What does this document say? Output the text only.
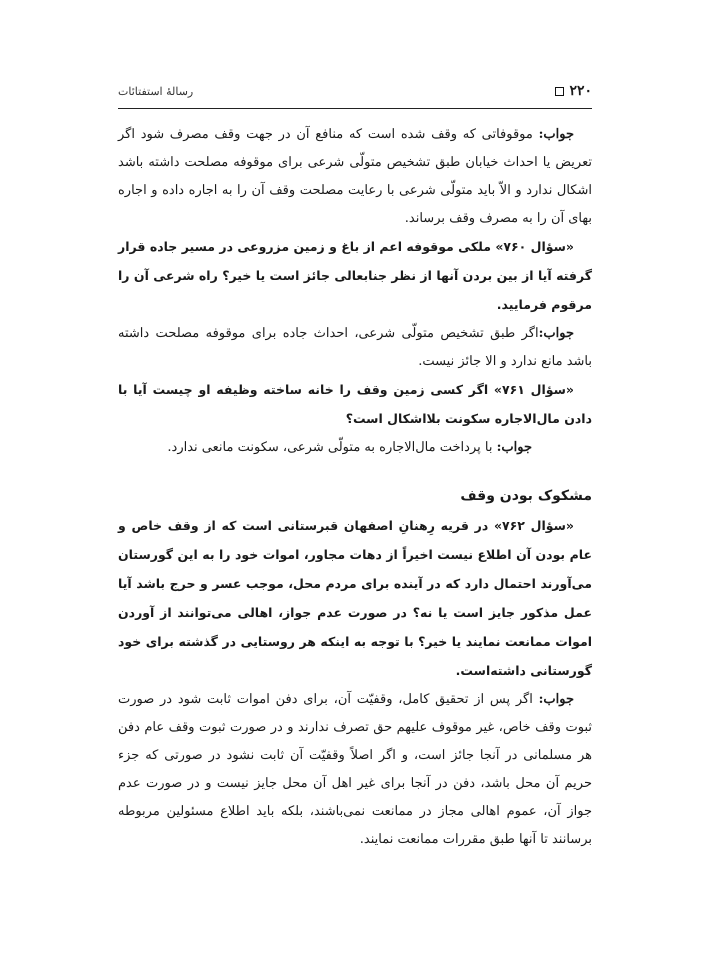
۲۲۰
رسالهٔ استفتائات

جواب: موقوفاتی که وقف شده است که منافع آن در جهت وقف مصرف شود اگر تعریض یا احداث خیابان طبق تشخیص متولّی شرعی برای موقوفه مصلحت داشته باشد اشکال ندارد و الاّ باید متولّی شرعی با رعایت مصلحت وقف آن را به اجاره داده و اجاره بهای آن را به مصرف وقف برساند.

«سؤال ۷۶۰» ملکی موقوفه اعم از باغ و زمین مزروعی در مسیر جاده قرار گرفته آیا از بین بردن آنها از نظر جنابعالی جائز است یا خیر؟ راه شرعی آن را مرقوم فرمایید.

جواب:اگر طبق تشخیص متولّی شرعی، احداث جاده برای موقوفه مصلحت داشته باشد مانع ندارد و الا جائز نیست.

«سؤال ۷۶۱» اگر کسی زمین وقف را خانه ساخته وظیفه او چیست آیا با دادن مال‌الاجاره سکونت بلااشکال است؟

جواب: با پرداخت مال‌الاجاره به متولّی شرعی، سکونت مانعی ندارد.

مشکوک بودن وقف

«سؤال ۷۶۲» در قریه رِهنانِ اصفهان قبرستانی است که از وقف خاص و عام بودن آن اطلاع نیست اخیراً از دهات مجاور، اموات خود را به این گورستان می‌آورند احتمال دارد که در آینده برای مردم محل، موجب عسر و حرج باشد آیا عمل مذکور جایز است یا نه؟ در صورت عدم جواز، اهالی می‌توانند از آوردن اموات ممانعت نمایند یا خیر؟ با توجه به اینکه هر روستایی در گذشته برای خود گورستانی داشته‌است.

جواب: اگر پس از تحقیق کامل، وقفیّت آن، برای دفن اموات ثابت شود در صورت ثبوت وقف خاص، غیر موقوف علیهم حق تصرف ندارند و در صورت ثبوت وقف عام دفن هر مسلمانی در آنجا جائز است، و اگر اصلاً وقفیّت آن ثابت نشود در صورتی که جزء حریم آن محل باشد، دفن در آنجا برای غیر اهل آن محل جایز نیست و در صورت عدم جواز آن، عموم اهالی مجاز در ممانعت نمی‌باشند، بلکه باید اطلاع مسئولین مربوطه برسانند تا آنها طبق مقررات ممانعت نمایند.
